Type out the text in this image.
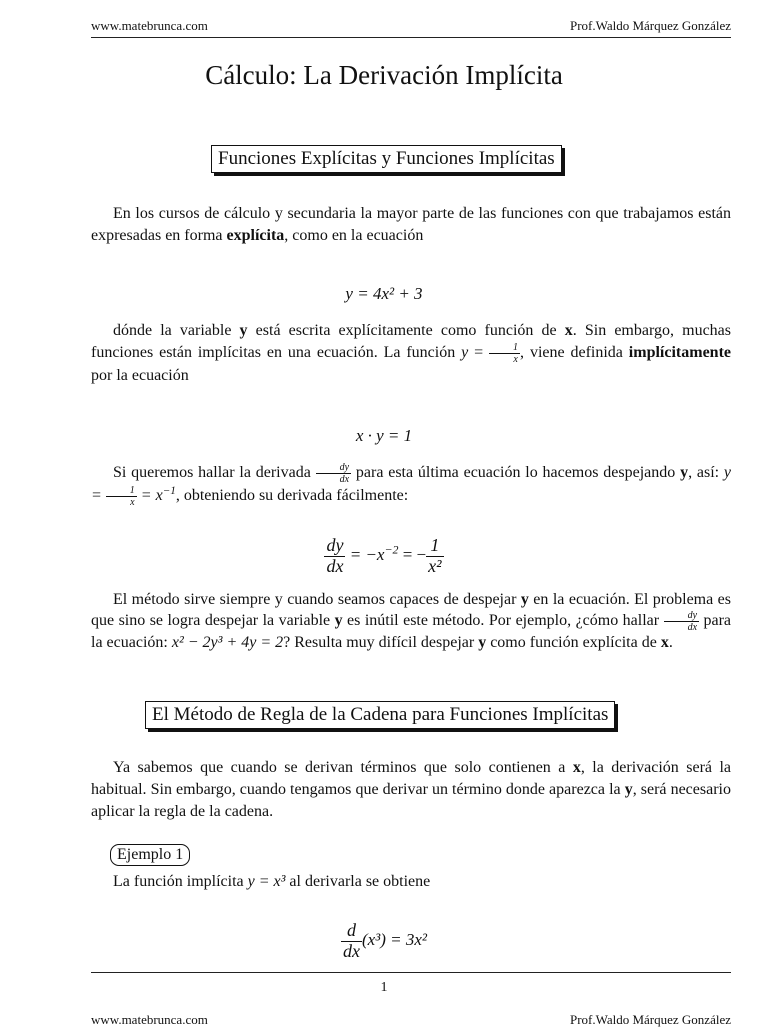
www.matebrunca.com	Prof.Waldo Márquez González
Cálculo: La Derivación Implícita
Funciones Explícitas y Funciones Implícitas

En los cursos de cálculo y secundaria la mayor parte de las funciones con que trabajamos están expresadas en forma explícita, como en la ecuación

y = 4x² + 3

dónde la variable y está escrita explícitamente como función de x. Sin embargo, muchas funciones están implícitas en una ecuación. La función $y = \frac{1}{x}$ , viene definida implícitamente por la ecuación

x · y = 1

Si queremos hallar la derivada $\frac{dy}{dx}$ para esta última ecuación lo hacemos despejando y, así: $y = \frac{1}{x} = x^{-1}$, obteniendo su derivada fácilmente:

$\frac{dy}{dx} = -x^{-2}$ = − $\frac{1}{\text{x²}}$

El método sirve siempre y cuando seamos capaces de despejar y en la ecuación. El problema es que sino se logra despejar la variable y es inútil este método. Por ejemplo, ¿cómo hallar $\frac{dy}{dx}$ para la ecuación: x² − 2y³ + 4y = 2? Resulta muy difícil despejar y como función explícita de x.

El Método de Regla de la Cadena para Funciones Implícitas

Ya sabemos que cuando se derivan términos que solo contienen a x, la derivación será la habitual. Sin embargo, cuando tengamos que derivar un término donde aparezca la y, será necesario aplicar la regla de la cadena.

Ejemplo 1

La función implícita y = x³ al derivarla se obtiene

$\frac{d}{dx} (x^3) = 3x^2$
1
www.matebrunca.com	Prof.Waldo Márquez González
